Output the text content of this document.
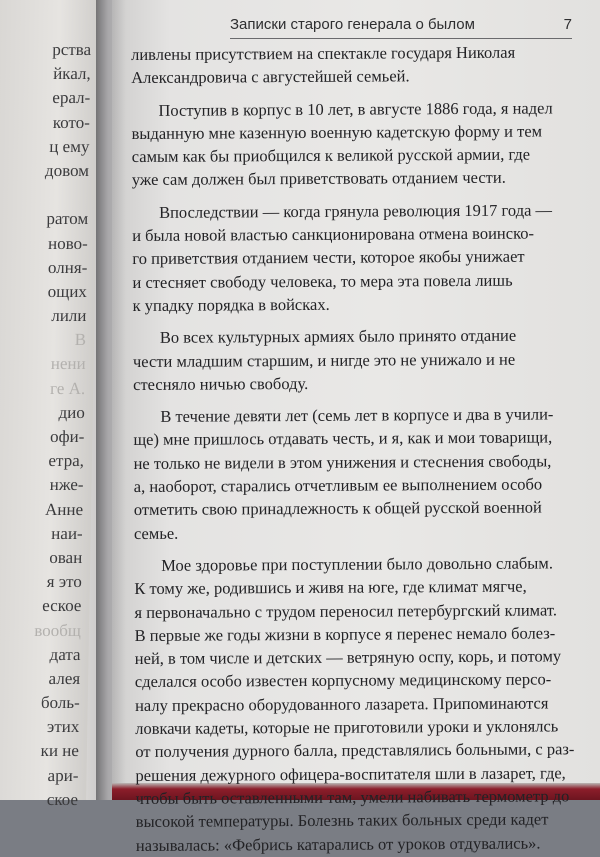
рства
йкал,
ерал-
кото-
ц ему
довом
ратом
ново-
олня-
ощих
лили
В
нени
ге А.
дио
офи-
етра,
нже-
Анне
наи-
ован
я это
еское
вообщ
дата
алея
боль-
этих
ки не
ари-
ское
Записки старого генерала о былом	7
ливлены присутствием на спектакле государя Николая
Александровича с августейшей семьей.
Поступив в корпус в 10 лет, в августе 1886 года, я надел
выданную мне казенную военную кадетскую форму и тем
самым как бы приобщился к великой русской армии, где
уже сам должен был приветствовать отданием чести.
Впоследствии — когда грянула революция 1917 года —
и была новой властью санкционирована отмена воинско-
го приветствия отданием чести, которое якобы унижает
и стесняет свободу человека, то мера эта повела лишь
к упадку порядка в войсках.
Во всех культурных армиях было принято отдание
чести младшим старшим, и нигде это не унижало и не
стесняло ничью свободу.
В течение девяти лет (семь лет в корпусе и два в учили-
ще) мне пришлось отдавать честь, и я, как и мои товарищи,
не только не видели в этом унижения и стеснения свободы,
а, наоборот, старались отчетливым ее выполнением особо
отметить свою принадлежность к общей русской военной
семье.
Мое здоровье при поступлении было довольно слабым.
К тому же, родившись и живя на юге, где климат мягче,
я первоначально с трудом переносил петербургский климат.
В первые же годы жизни в корпусе я перенес немало болез-
ней, в том числе и детских — ветряную оспу, корь, и потому
сделался особо известен корпусному медицинскому персо-
налу прекрасно оборудованного лазарета. Припоминаются
ловкачи кадеты, которые не приготовили уроки и уклонялсь
от получения дурного балла, представлялись больными, с раз-
решения дежурного офицера-воспитателя шли в лазарет, где,
чтобы быть оставленными там, умели набивать термометр до
высокой температуры. Болезнь таких больных среди кадет
называлась: «Фебрись катарались от уроков отдувались».
